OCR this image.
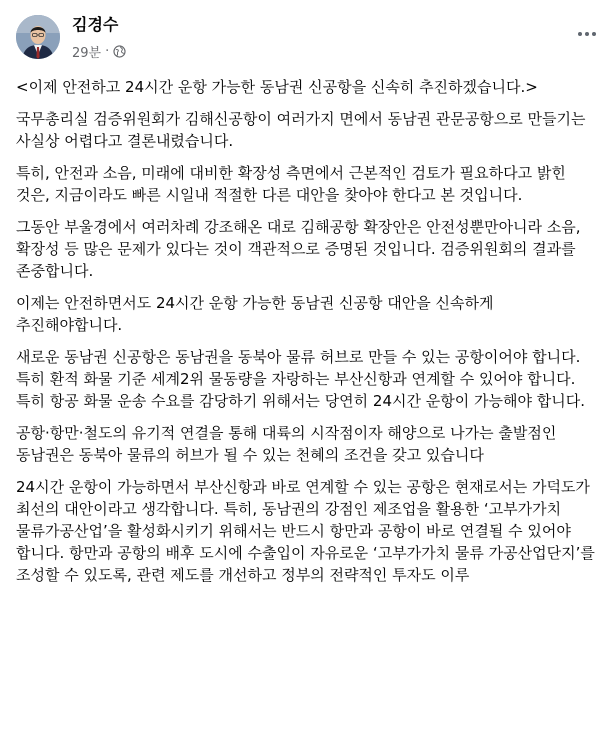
김경수
29분 ·

<이제 안전하고 24시간 운항 가능한 동남권 신공항을 신속히 추진하겠습니다.>

국무총리실 검증위원회가 김해신공항이 여러가지 면에서 동남권 관문공항으로 만들기는 사실상 어렵다고 결론내렸습니다.

특히, 안전과 소음, 미래에 대비한 확장성 측면에서 근본적인 검토가 필요하다고 밝힌 것은, 지금이라도 빠른 시일내 적절한 다른 대안을 찾아야 한다고 본 것입니다.

그동안 부울경에서 여러차례 강조해온 대로 김해공항 확장안은 안전성뿐만아니라 소음, 확장성 등 많은 문제가 있다는 것이 객관적으로 증명된 것입니다. 검증위원회의 결과를 존중합니다.

이제는 안전하면서도 24시간 운항 가능한 동남권 신공항 대안을 신속하게 추진해야합니다.

새로운 동남권 신공항은 동남권을 동북아 물류 허브로 만들 수 있는 공항이어야 합니다. 특히 환적 화물 기준 세계2위 물동량을 자랑하는 부산신항과 연계할 수 있어야 합니다. 특히 항공 화물 운송 수요를 감당하기 위해서는 당연히 24시간 운항이 가능해야 합니다.

공항·항만·철도의 유기적 연결을 통해 대륙의 시작점이자 해양으로 나가는 출발점인 동남권은 동북아 물류의 허브가 될 수 있는 천혜의 조건을 갖고 있습니다

24시간 운항이 가능하면서 부산신항과 바로 연계할 수 있는 공항은 현재로서는 가덕도가 최선의 대안이라고 생각합니다. 특히, 동남권의 강점인 제조업을 활용한 ‘고부가가치 물류가공산업’을 활성화시키기 위해서는 반드시 항만과 공항이 바로 연결될 수 있어야 합니다. 항만과 공항의 배후 도시에 수출입이 자유로운 ‘고부가가치 물류 가공산업단지’를 조성할 수 있도록, 관련 제도를 개선하고 정부의 전략적인 투자도 이루
